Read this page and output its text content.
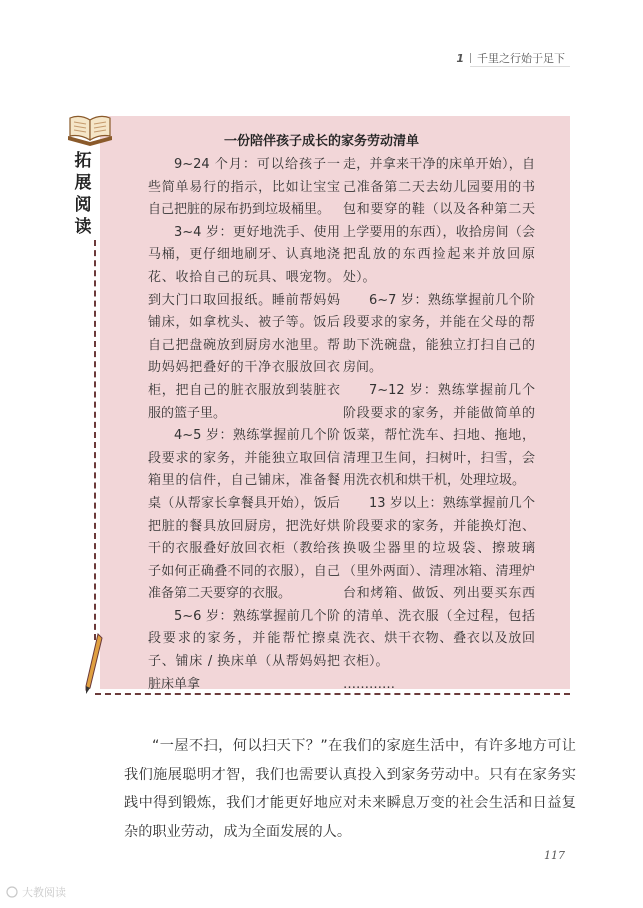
1 千里之行始于足下
拓
展
阅
读
一份陪伴孩子成长的家务劳动清单

9~24 个月：可以给孩子一些简单易行的指示，比如让宝宝自己把脏的尿布扔到垃圾桶里。

3~4 岁：更好地洗手、使用马桶，更仔细地刷牙、认真地浇花、收拾自己的玩具、喂宠物。到大门口取回报纸。睡前帮妈妈铺床，如拿枕头、被子等。饭后自己把盘碗放到厨房水池里。帮助妈妈把叠好的干净衣服放回衣柜，把自己的脏衣服放到装脏衣服的篮子里。

4~5 岁：熟练掌握前几个阶段要求的家务，并能独立取回信箱里的信件，自己铺床，准备餐桌（从帮家长拿餐具开始），饭后把脏的餐具放回厨房，把洗好烘干的衣服叠好放回衣柜（教给孩子如何正确叠不同的衣服），自己准备第二天要穿的衣服。

5~6 岁：熟练掌握前几个阶段要求的家务，并能帮忙擦桌子、铺床 / 换床单（从帮妈妈把脏床单拿

走，并拿来干净的床单开始），自己准备第二天去幼儿园要用的书包和要穿的鞋（以及各种第二天上学要用的东西），收拾房间（会把乱放的东西捡起来并放回原处）。

6~7 岁：熟练掌握前几个阶段要求的家务，并能在父母的帮助下洗碗盘，能独立打扫自己的房间。

7~12 岁：熟练掌握前几个阶段要求的家务，并能做简单的饭菜，帮忙洗车、扫地、拖地，清理卫生间，扫树叶，扫雪，会用洗衣机和烘干机，处理垃圾。

13 岁以上：熟练掌握前几个阶段要求的家务，并能换灯泡、换吸尘器里的垃圾袋、擦玻璃（里外两面）、清理冰箱、清理炉台和烤箱、做饭、列出要买东西的清单、洗衣服（全过程，包括洗衣、烘干衣物、叠衣以及放回衣柜）。

…………

“一屋不扫，何以扫天下？”在我们的家庭生活中，有许多地方可让我们施展聪明才智，我们也需要认真投入到家务劳动中。只有在家务实践中得到锻炼，我们才能更好地应对未来瞬息万变的社会生活和日益复杂的职业劳动，成为全面发展的人。

117
大教阅读
